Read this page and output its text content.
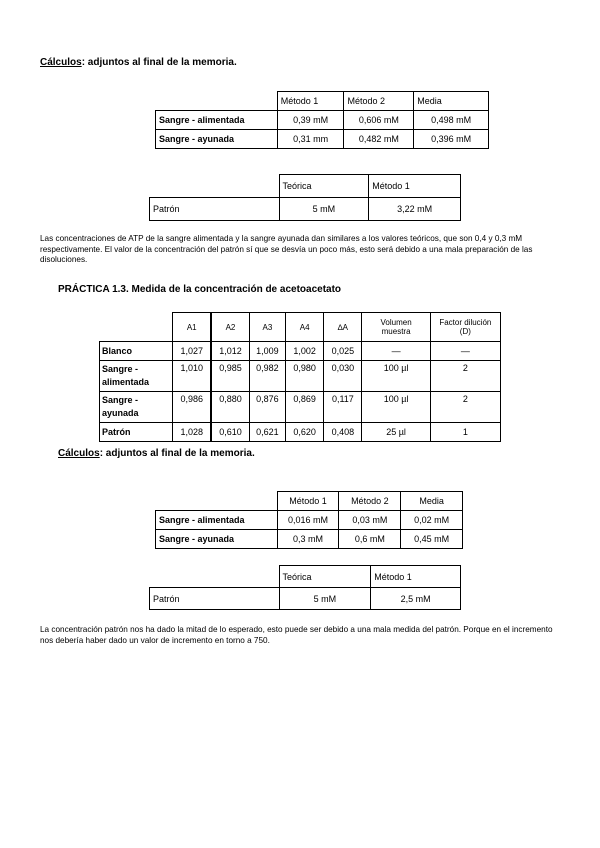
Cálculos: adjuntos al final de la memoria.
	Método 1	Método 2	Media
Sangre - alimentada	0,39 mM	0,606 mM	0,498 mM
Sangre - ayunada	0,31 mm	0,482 mM	0,396 mM
	Teórica	Método 1
Patrón	5 mM	3,22 mM
Las concentraciones de ATP de la sangre alimentada y la sangre ayunada dan similares a los valores teóricos, que son 0,4 y 0,3 mM respectivamente. El valor de la concentración del patrón sí que se desvía un poco más, esto será debido a una mala preparación de las disoluciones.
PRÁCTICA 1.3. Medida de la concentración de acetoacetato
	A1	A2	A3	A4	∆A	Volumen muestra	Factor dilución (D)
Blanco	1,027	1,012	1,009	1,002	0,025	—	—
Sangre - alimentada	1,010	0,985	0,982	0,980	0,030	100 µl	2
Sangre - ayunada	0,986	0,880	0,876	0,869	0,117	100 µl	2
Patrón	1,028	0,610	0,621	0,620	0,408	25 µl	1
Cálculos: adjuntos al final de la memoria.
	Método 1	Método 2	Media
Sangre - alimentada	0,016 mM	0,03 mM	0,02 mM
Sangre - ayunada	0,3 mM	0,6 mM	0,45 mM
	Teórica	Método 1
Patrón	5 mM	2,5 mM
La concentración patrón nos ha dado la mitad de lo esperado, esto puede ser debido a una mala medida del patrón. Porque en el incremento nos debería haber dado un valor de incremento en torno a 750.
